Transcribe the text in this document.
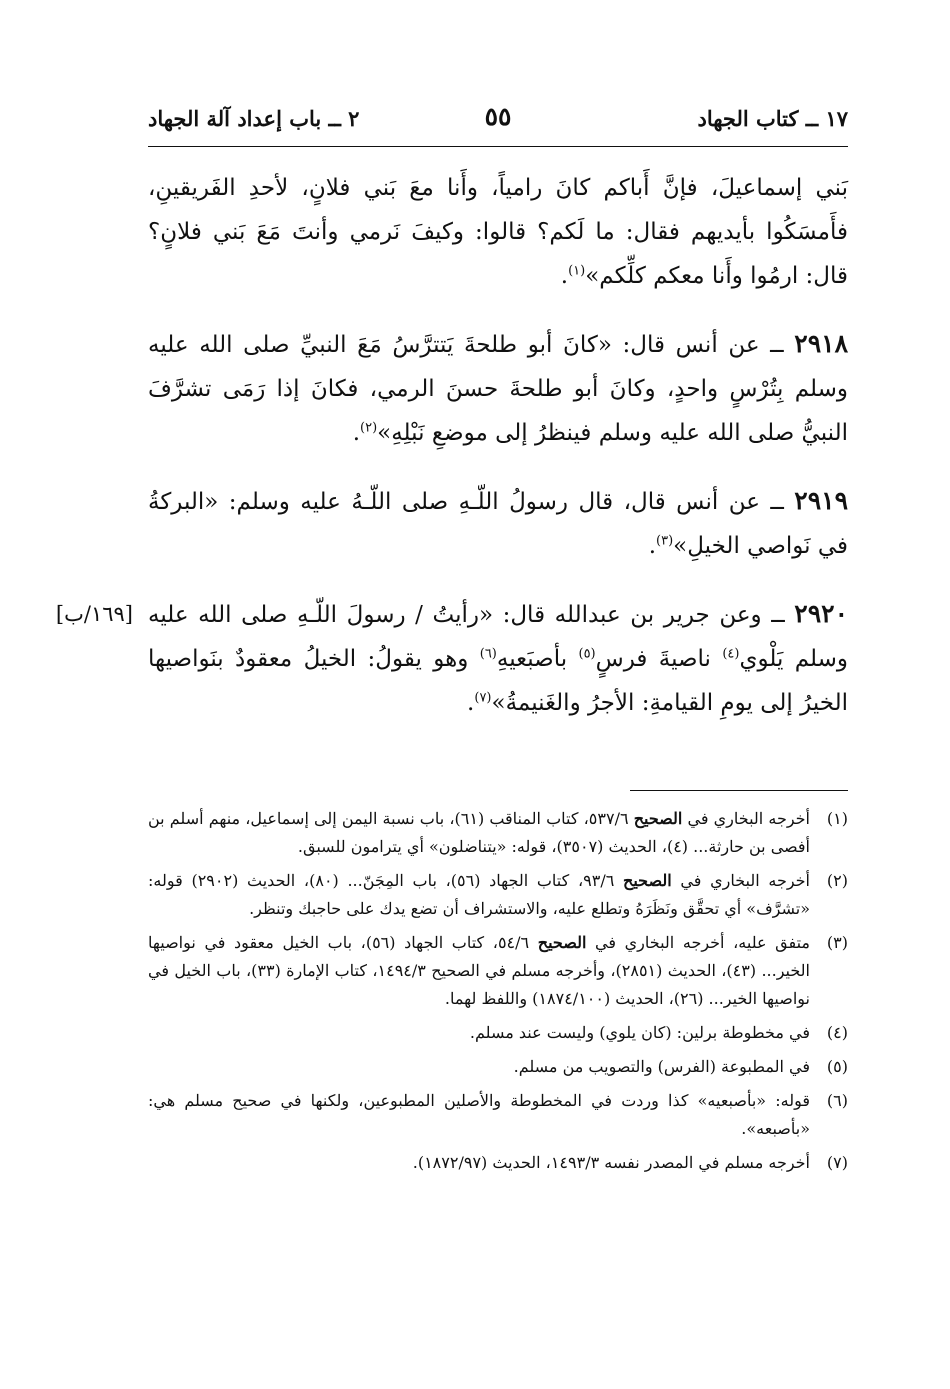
١٧ ــ كتاب الجهاد
٥٥
٢ ــ باب إعداد آلة الجهاد

بَني إسماعيلَ، فإنَّ أَباكم كانَ رامياً، وأَنا معَ بَني فلانٍ، لأحدِ الفَريقينِ، فأَمسَكُوا بأيديهم فقال: ما لَكم؟ قالوا: وكيفَ نَرمي وأنتَ مَعَ بَني فلانٍ؟ قال: ارمُوا وأَنا معكم كلِّكم»$^{(١)}$.

٢٩١٨ ــ عن أنس قال: «كانَ أبو طلحةَ يَتترَّسُ مَعَ النبيِّ صلى الله عليه وسلم بِتُرْسٍ واحدٍ، وكانَ أبو طلحةَ حسنَ الرمي، فكانَ إذا رَمَى تشرَّفَ النبيُّ صلى الله عليه وسلم فينظرُ إلى موضعِ نَبْلِهِ»$^{(٢)}$.

٢٩١٩ ــ عن أنس قال، قال رسولُ اللّـهِ صلى اللّـهُ عليه وسلم: «البركةُ في نَواصي الخيلِ»$^{(٣)}$.

[١٦٩/ب]	٢٩٢٠ ــ وعن جرير بن عبدالله قال: «رأيتُ / رسولَ اللّـهِ صلى الله عليه وسلم يَلْوي$^{(٤)}$ ناصيةَ فرسٍ$^{(٥)}$ بأصبَعيهِ$^{(٦)}$ وهو يقولُ: الخيلُ معقودٌ بنَواصيها الخيرُ إلى يومِ القيامةِ: الأجرُ والغَنيمةُ»$^{(٧)}$.

(١)
أخرجه البخاري في الصحيح ٥٣٧/٦، كتاب المناقب (٦١)، باب نسبة اليمن إلى إسماعيل، منهم أسلم بن أفصى بن حارثة... (٤)، الحديث (٣٥٠٧)، قوله: «يتناضلون» أي يترامون للسبق.
(٢)
أخرجه البخاري في الصحيح ٩٣/٦، كتاب الجهاد (٥٦)، باب المِجَنّ... (٨٠)، الحديث (٢٩٠٢) قوله: «تشرَّف» أي تحقَّق ونَظَرَهُ وتطلع عليه، والاستشراف أن تضع يدك على حاجبك وتنظر.
(٣)
متفق عليه، أخرجه البخاري في الصحيح ٥٤/٦، كتاب الجهاد (٥٦)، باب الخيل معقود في نواصيها الخير... (٤٣)، الحديث (٢٨٥١)، وأخرجه مسلم في الصحيح ١٤٩٤/٣، كتاب الإمارة (٣٣)، باب الخيل في نواصيها الخير... (٢٦)، الحديث (١٨٧٤/١٠٠) واللفظ لهما.
(٤)
في مخطوطة برلين: (كان يلوي) وليست عند مسلم.
(٥)
في المطبوعة (الفرس) والتصويب من مسلم.
(٦)
قوله: «بأصبعيه» كذا وردت في المخطوطة والأصلين المطبوعين، ولكنها في صحيح مسلم هي: «بأصبعه».
(٧)
أخرجه مسلم في المصدر نفسه ١٤٩٣/٣، الحديث (١٨٧٢/٩٧).
